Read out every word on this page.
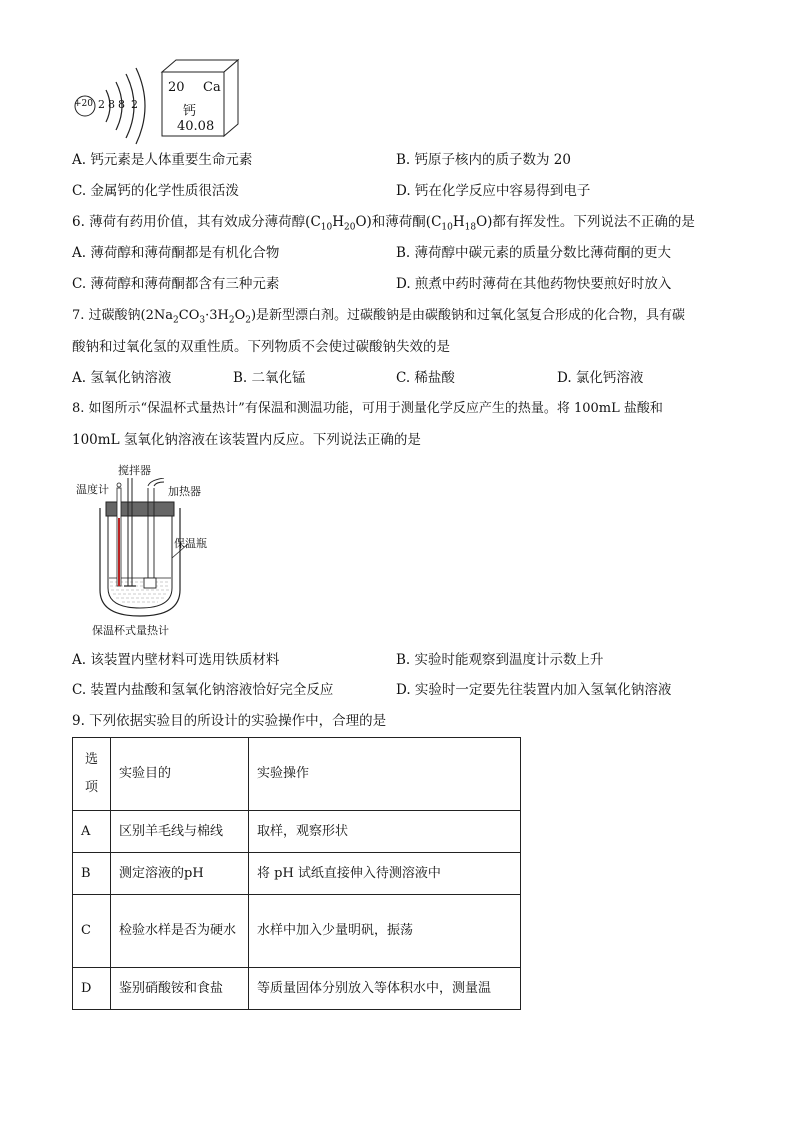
+20 2 8 8 2
20 Ca
钙
40.08
A. 钙元素是人体重要生命元素	B. 钙原子核内的质子数为 20
C. 金属钙的化学性质很活泼	D. 钙在化学反应中容易得到电子
6. 薄荷有药用价值，其有效成分薄荷醇$(C_{10}H_{20}O)$和薄荷酮$(C_{10}H_{18}O)$都有挥发性。下列说法不正确的是
A. 薄荷醇和薄荷酮都是有机化合物	B. 薄荷醇中碳元素的质量分数比薄荷酮的更大
C. 薄荷醇和薄荷酮都含有三种元素	D. 煎煮中药时薄荷在其他药物快要煎好时放入
7. 过碳酸钠$(2Na_2CO_3\cdot 3H_2O_2)$是新型漂白剂。过碳酸钠是由碳酸钠和过氧化氢复合形成的化合物，具有碳
酸钠和过氧化氢的双重性质。下列物质不会使过碳酸钠失效的是
A. 氢氧化钠溶液	B. 二氧化锰	C. 稀盐酸	D. 氯化钙溶液
8. 如图所示“保温杯式量热计”有保温和测温功能，可用于测量化学反应产生的热量。将 100mL 盐酸和
100mL 氢氧化钠溶液在该装置内反应。下列说法正确的是
搅拌器
温度计	加热器
保温瓶
保温杯式量热计
A. 该装置内壁材料可选用铁质材料	B. 实验时能观察到温度计示数上升
C. 装置内盐酸和氢氧化钠溶液恰好完全反应	D. 实验时一定要先往装置内加入氢氧化钠溶液
9. 下列依据实验目的所设计的实验操作中，合理的是
选项	实验目的	实验操作
A	区别羊毛线与棉线	取样，观察形状
B	测定溶液的pH	将 pH 试纸直接伸入待测溶液中
C	检验水样是否为硬水	水样中加入少量明矾，振荡
D	鉴别硝酸铵和食盐	等质量固体分别放入等体积水中，测量温
